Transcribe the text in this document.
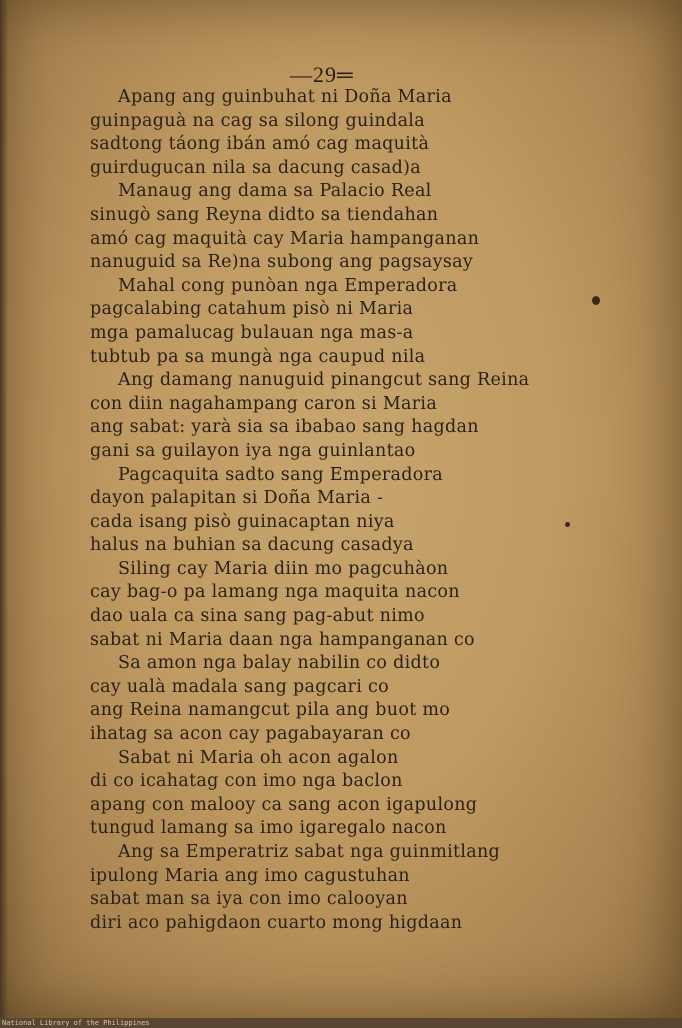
—29═
Apang ang guinbuhat ni Doña Maria
guinpaguà na cag sa silong guindala
sadtong táong ibán amó cag maquità
guirdugucan nila sa dacung casad)a
Manaug ang dama sa Palacio Real
sinugò sang Reyna didto sa tiendahan
amó cag maquità cay Maria hampanganan
nanuguid sa Re)na subong ang pagsaysay
Mahal cong punòan nga Emperadora
pagcalabing catahum pisò ni Maria
mga pamalucag bulauan nga mas-a
tubtub pa sa mungà nga caupud nila
Ang damang nanuguid pinangcut sang Reina
con diin nagahampang caron si Maria
ang sabat: yarà sia sa ibabao sang hagdan
gani sa guilayon iya nga guinlantao
Pagcaquita sadto sang Emperadora
dayon palapitan si Doña Maria -
cada isang pisò guinacaptan niya
halus na buhian sa dacung casadya
Siling cay Maria diin mo pagcuhàon
cay bag-o pa lamang nga maquita nacon
dao uala ca sina sang pag-abut nimo
sabat ni Maria daan nga hampanganan co
Sa amon nga balay nabilin co didto
cay ualà madala sang pagcari co
ang Reina namangcut pila ang buot mo
ihatag sa acon cay pagabayaran co
Sabat ni Maria oh acon agalon
di co icahatag con imo nga baclon
apang con malooy ca sang acon igapulong
tungud lamang sa imo igaregalo nacon
Ang sa Emperatriz sabat nga guinmitlang
ipulong Maria ang imo cagustuhan
sabat man sa iya con imo calooyan
diri aco pahigdaon cuarto mong higdaan
National Library of the Philippines
